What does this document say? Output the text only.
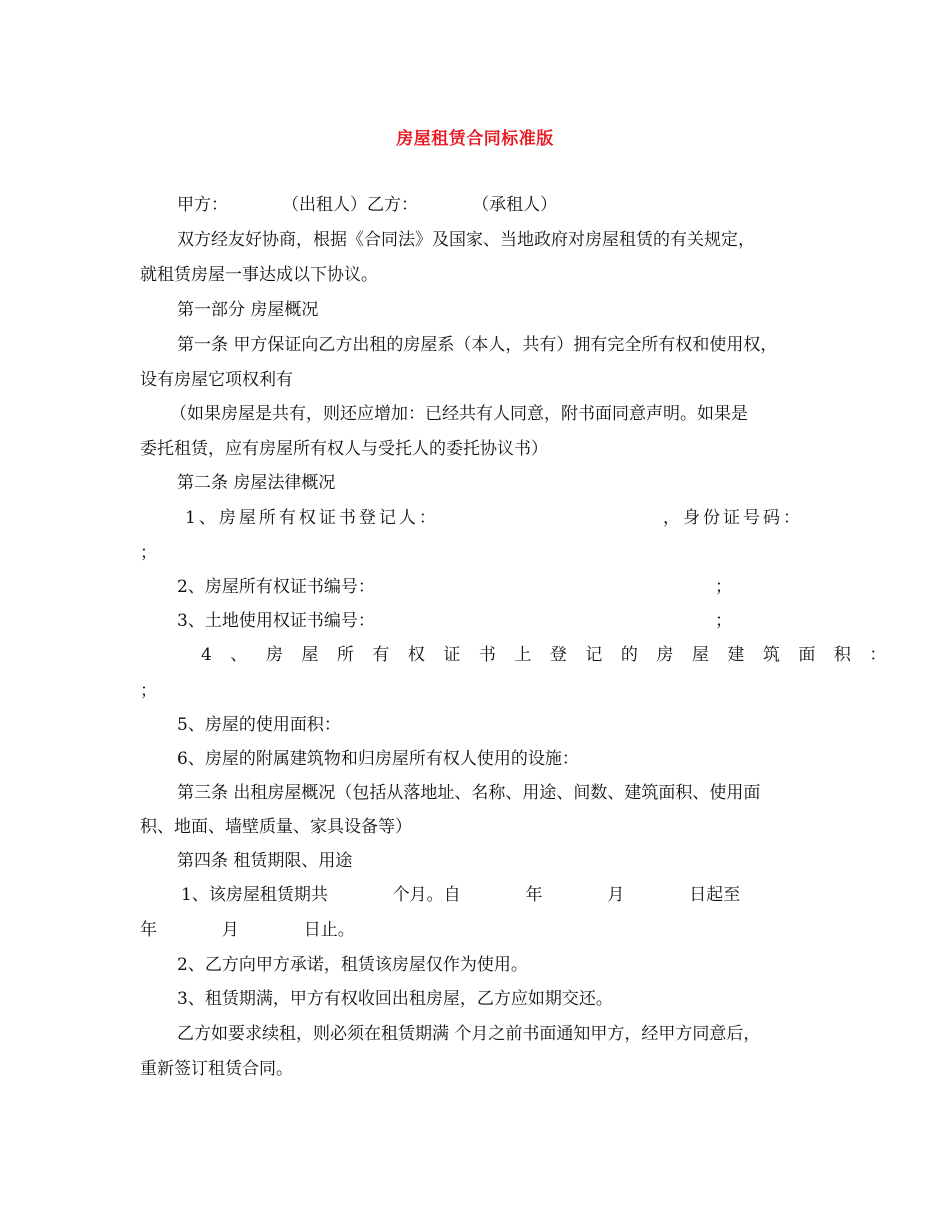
房屋租赁合同标准版
甲方：          （出租人）乙方：          （承租人）
双方经友好协商，根据《合同法》及国家、当地政府对房屋租赁的有关规定，
就租赁房屋一事达成以下协议。
第一部分 房屋概况
第一条 甲方保证向乙方出租的房屋系（本人，共有）拥有完全所有权和使用权，
设有房屋它项权利有
（如果房屋是共有，则还应增加：已经共有人同意，附书面同意声明。如果是
委托租赁，应有房屋所有权人与受托人的委托协议书）
第二条 房屋法律概况
1、房屋所有权证书登记人：	，身份证号码：
；
2、房屋所有权证书编号：	；
3、土地使用权证书编号：	；
4、房屋所有权证书上登记的房屋建筑面积：
；
5、房屋的使用面积：
6、房屋的附属建筑物和归房屋所有权人使用的设施：
第三条 出租房屋概况（包括从落地址、名称、用途、间数、建筑面积、使用面
积、地面、墙壁质量、家具设备等）
第四条 租赁期限、用途
1、该房屋租赁期共            个月。自            年            月            日起至
年            月            日止。
2、乙方向甲方承诺，租赁该房屋仅作为使用。
3、租赁期满，甲方有权收回出租房屋，乙方应如期交还。
乙方如要求续租，则必须在租赁期满 个月之前书面通知甲方，经甲方同意后，
重新签订租赁合同。
